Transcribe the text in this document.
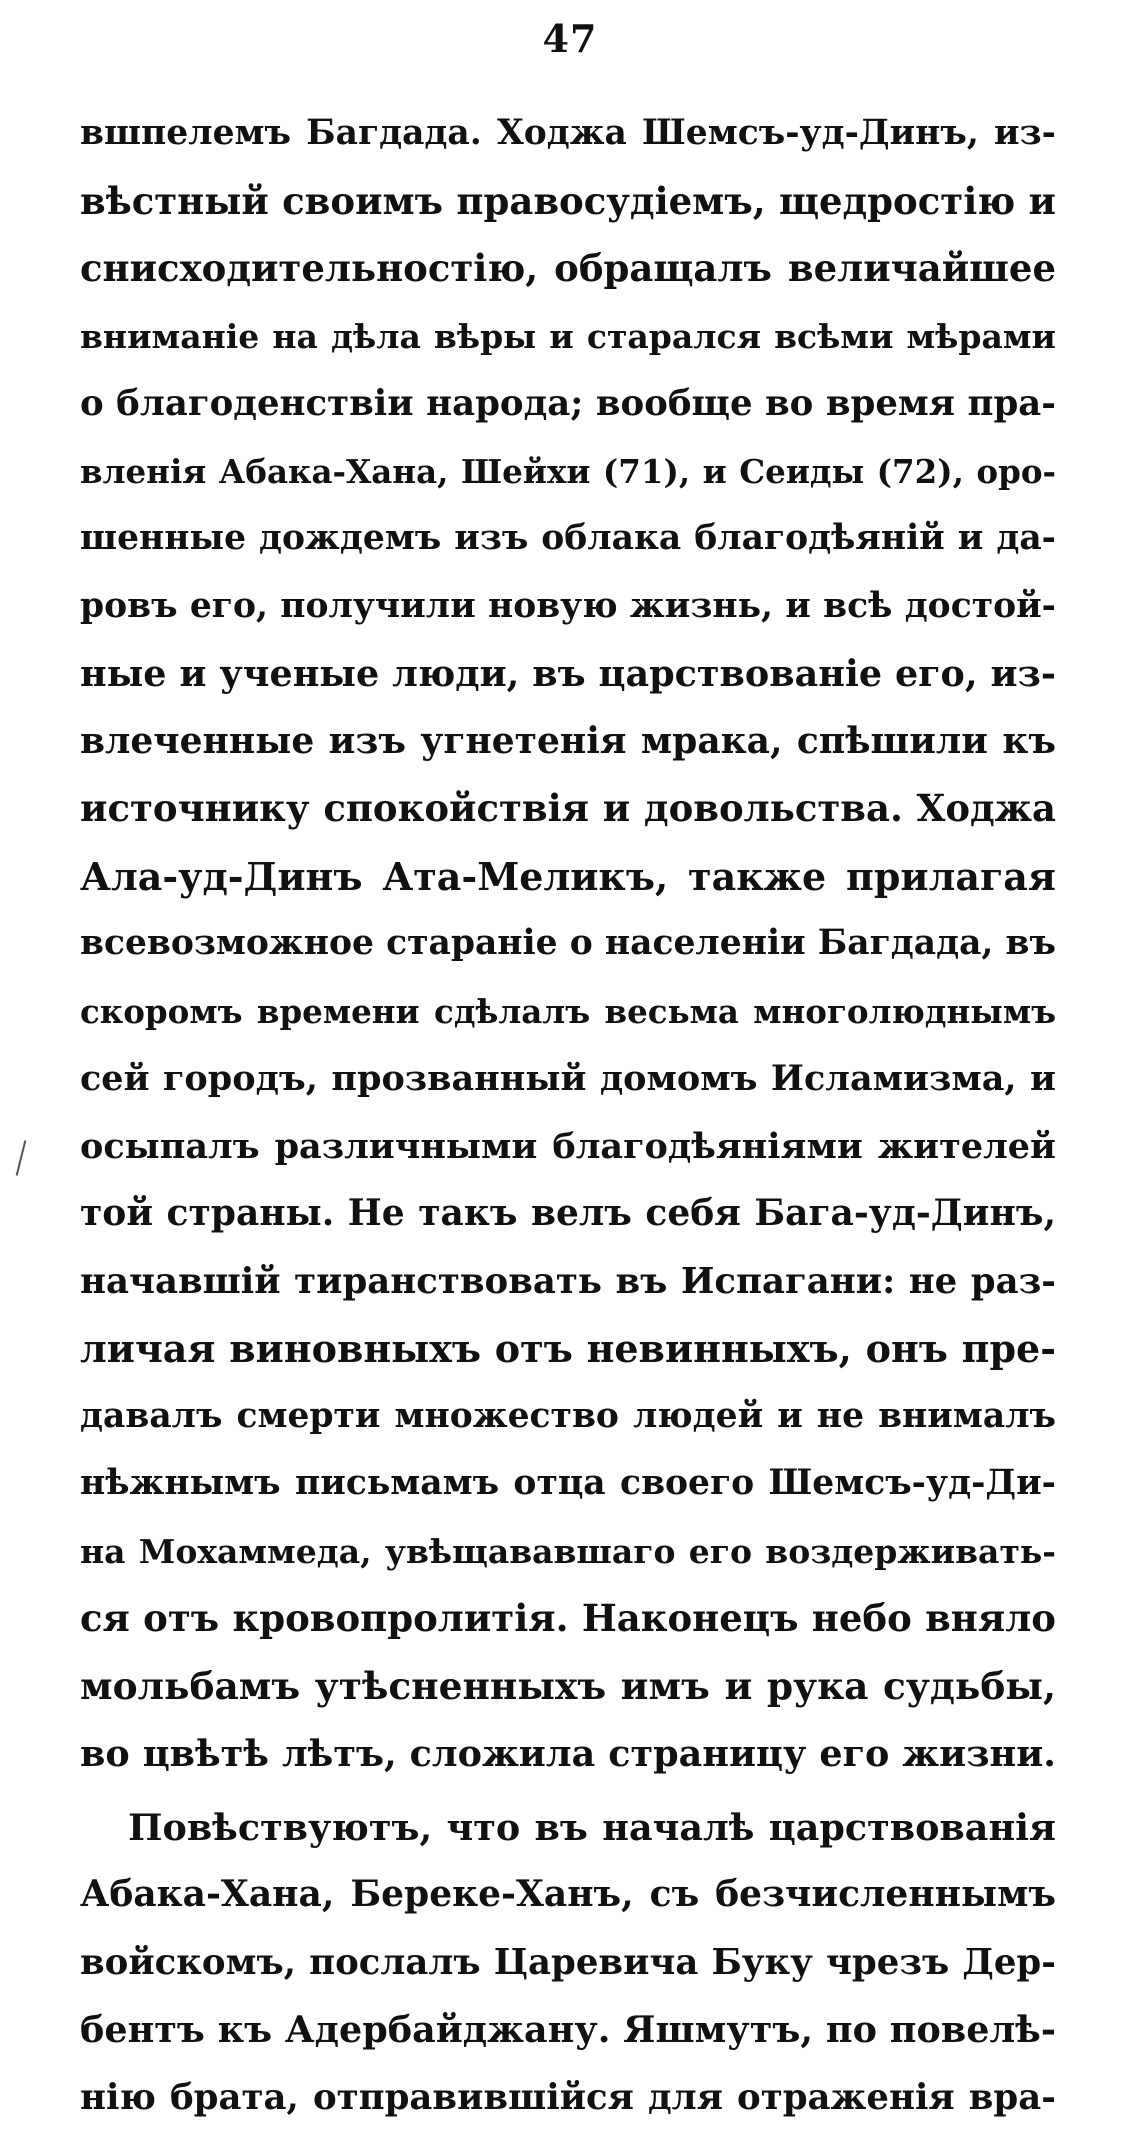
47
вшпелемъ Багдада. Ходжа Шемсъ-уд-Динъ, из-
вѣстный своимъ правосудіемъ, щедростію и
снисходительностію, обращалъ величайшее
вниманіе на дѣла вѣры и старался всѣми мѣрами
о благоденствіи народа; вообще во время пра-
вленія Абака-Хана, Шейхи (71), и Сеиды (72), оро-
шенные дождемъ изъ облака благодѣяній и да-
ровъ его, получили новую жизнь, и всѣ достой-
ные и ученые люди, въ царствованіе его, из-
влеченные изъ угнетенія мрака, спѣшили къ
источнику спокойствія и довольства. Ходжа
Ала-уд-Динъ Ата-Меликъ, также прилагая
всевозможное стараніе о населеніи Багдада, въ
скоромъ времени сдѣлалъ весьма многолюднымъ
сей городъ, прозванный домомъ Исламизма, и
осыпалъ различными благодѣяніями жителей
той страны. Не такъ велъ себя Бага-уд-Динъ,
начавшій тиранствовать въ Испагани: не раз-
личая виновныхъ отъ невинныхъ, онъ пре-
давалъ смерти множество людей и не внималъ
нѣжнымъ письмамъ отца своего Шемсъ-уд-Ди-
на Мохаммеда, увѣщававшаго его воздерживать-
ся отъ кровопролитія. Наконецъ небо вняло
мольбамъ утѣсненныхъ имъ и рука судьбы,
во цвѣтѣ лѣтъ, сложила страницу его жизни.
Повѣствуютъ, что въ началѣ царствованія
Абака-Хана, Береке-Ханъ, съ безчисленнымъ
войскомъ, послалъ Царевича Буку чрезъ Дер-
бентъ къ Адербайджану. Яшмутъ, по повелѣ-
нію брата, отправившійся для отраженія вра-
